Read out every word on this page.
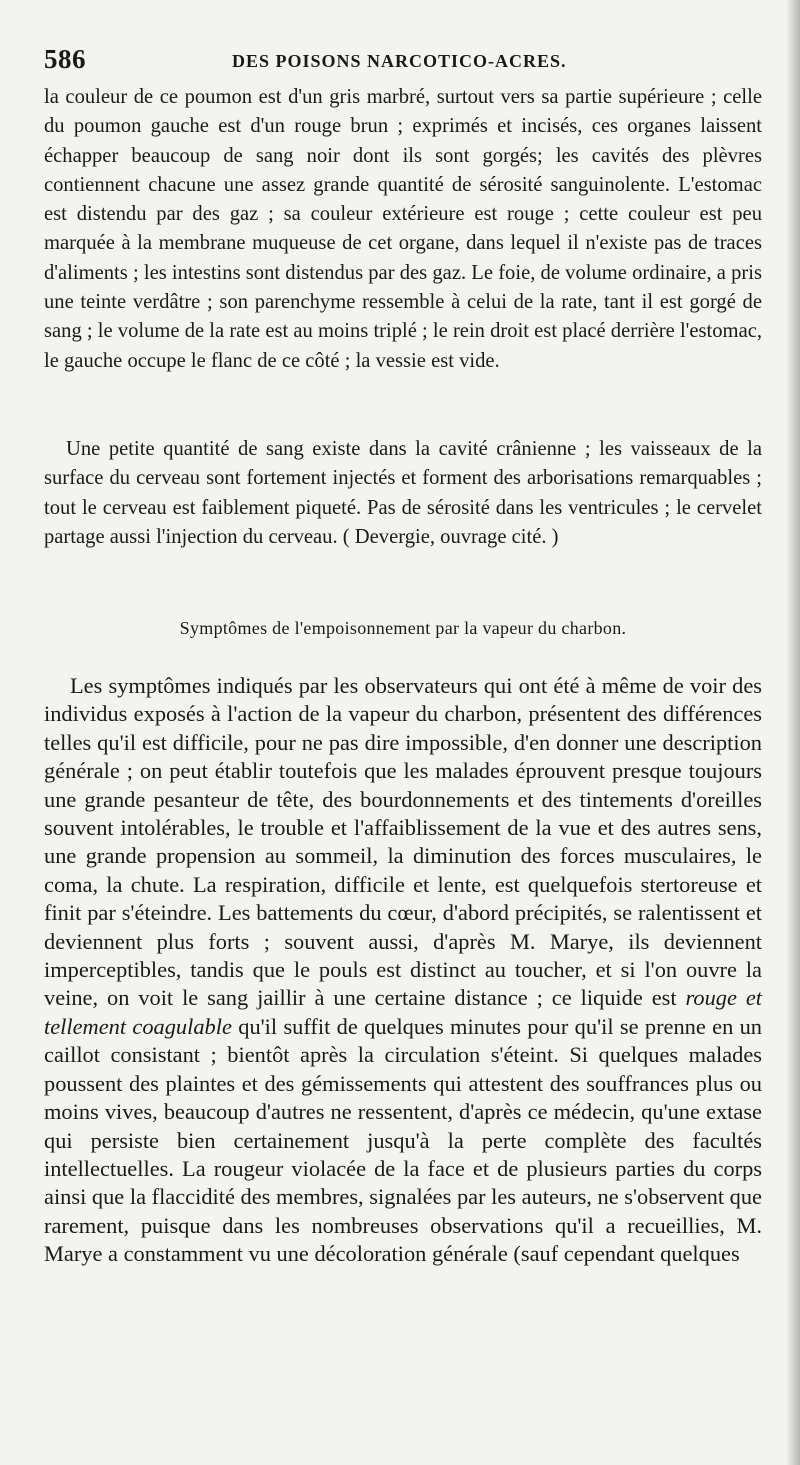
586	DES POISONS NARCOTICO-ACRES.

la couleur de ce poumon est d'un gris marbré, surtout vers sa partie supérieure ; celle du poumon gauche est d'un rouge brun ; exprimés et incisés, ces organes laissent échapper beaucoup de sang noir dont ils sont gorgés; les cavités des plèvres contiennent chacune une assez grande quantité de sérosité sanguinolente. L'estomac est distendu par des gaz ; sa couleur extérieure est rouge ; cette couleur est peu marquée à la membrane muqueuse de cet organe, dans lequel il n'existe pas de traces d'aliments ; les intestins sont distendus par des gaz. Le foie, de volume ordinaire, a pris une teinte verdâtre ; son parenchyme ressemble à celui de la rate, tant il est gorgé de sang ; le volume de la rate est au moins triplé ; le rein droit est placé derrière l'estomac, le gauche occupe le flanc de ce côté ; la vessie est vide.

Une petite quantité de sang existe dans la cavité crânienne ; les vaisseaux de la surface du cerveau sont fortement injectés et forment des arborisations remarquables ; tout le cerveau est faiblement piqueté. Pas de sérosité dans les ventricules ; le cervelet partage aussi l'injection du cerveau. ( Devergie, ouvrage cité. )

Symptômes de l'empoisonnement par la vapeur du charbon.

Les symptômes indiqués par les observateurs qui ont été à même de voir des individus exposés à l'action de la vapeur du charbon, présentent des différences telles qu'il est difficile, pour ne pas dire impossible, d'en donner une description générale ; on peut établir toutefois que les malades éprouvent presque toujours une grande pesanteur de tête, des bourdonnements et des tintements d'oreilles souvent intolérables, le trouble et l'affaiblissement de la vue et des autres sens, une grande propension au sommeil, la diminution des forces musculaires, le coma, la chute. La respiration, difficile et lente, est quelquefois stertoreuse et finit par s'éteindre. Les battements du cœur, d'abord précipités, se ralentissent et deviennent plus forts ; souvent aussi, d'après M. Marye, ils deviennent imperceptibles, tandis que le pouls est distinct au toucher, et si l'on ouvre la veine, on voit le sang jaillir à une certaine distance ; ce liquide est rouge et tellement coagulable qu'il suffit de quelques minutes pour qu'il se prenne en un caillot consistant ; bientôt après la circulation s'éteint. Si quelques malades poussent des plaintes et des gémissements qui attestent des souffrances plus ou moins vives, beaucoup d'autres ne ressentent, d'après ce médecin, qu'une extase qui persiste bien certainement jusqu'à la perte complète des facultés intellectuelles. La rougeur violacée de la face et de plusieurs parties du corps ainsi que la flaccidité des membres, signalées par les auteurs, ne s'observent que rarement, puisque dans les nombreuses observations qu'il a recueillies, M. Marye a constamment vu une décoloration générale (sauf cependant quelques
